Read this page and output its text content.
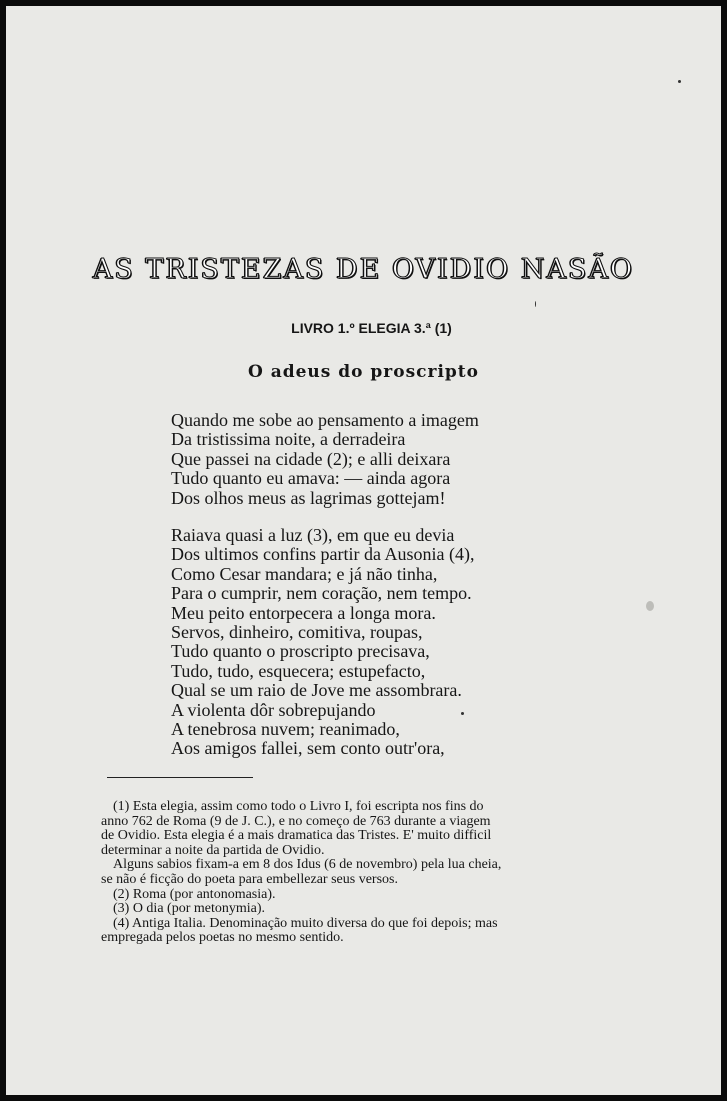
AS TRISTEZAS DE OVIDIO NASÃO
LIVRO 1.º ELEGIA 3.ª (1)
O adeus do proscripto
Quando me sobe ao pensamento a imagem
Da tristissima noite, a derradeira
Que passei na cidade (2); e alli deixara
Tudo quanto eu amava: — ainda agora
Dos olhos meus as lagrimas gottejam!
Raiava quasi a luz (3), em que eu devia
Dos ultimos confins partir da Ausonia (4),
Como Cesar mandara; e já não tinha,
Para o cumprir, nem coração, nem tempo.
Meu peito entorpecera a longa mora.
Servos, dinheiro, comitiva, roupas,
Tudo quanto o proscripto precisava,
Tudo, tudo, esquecera; estupefacto,
Qual se um raio de Jove me assombrara.
A violenta dôr sobrepujando
A tenebrosa nuvem; reanimado,
Aos amigos fallei, sem conto outr'ora,
(1) Esta elegia, assim como todo o Livro I, foi escripta nos fins do
anno 762 de Roma (9 de J. C.), e no começo de 763 durante a viagem
de Ovidio. Esta elegia é a mais dramatica das Tristes. E' muito difficil
determinar a noite da partida de Ovidio.
Alguns sabios fixam-a em 8 dos Idus (6 de novembro) pela lua cheia,
se não é ficção do poeta para embellezar seus versos.
(2) Roma (por antonomasia).
(3) O dia (por metonymia).
(4) Antiga Italia. Denominação muito diversa do que foi depois; mas
empregada pelos poetas no mesmo sentido.
